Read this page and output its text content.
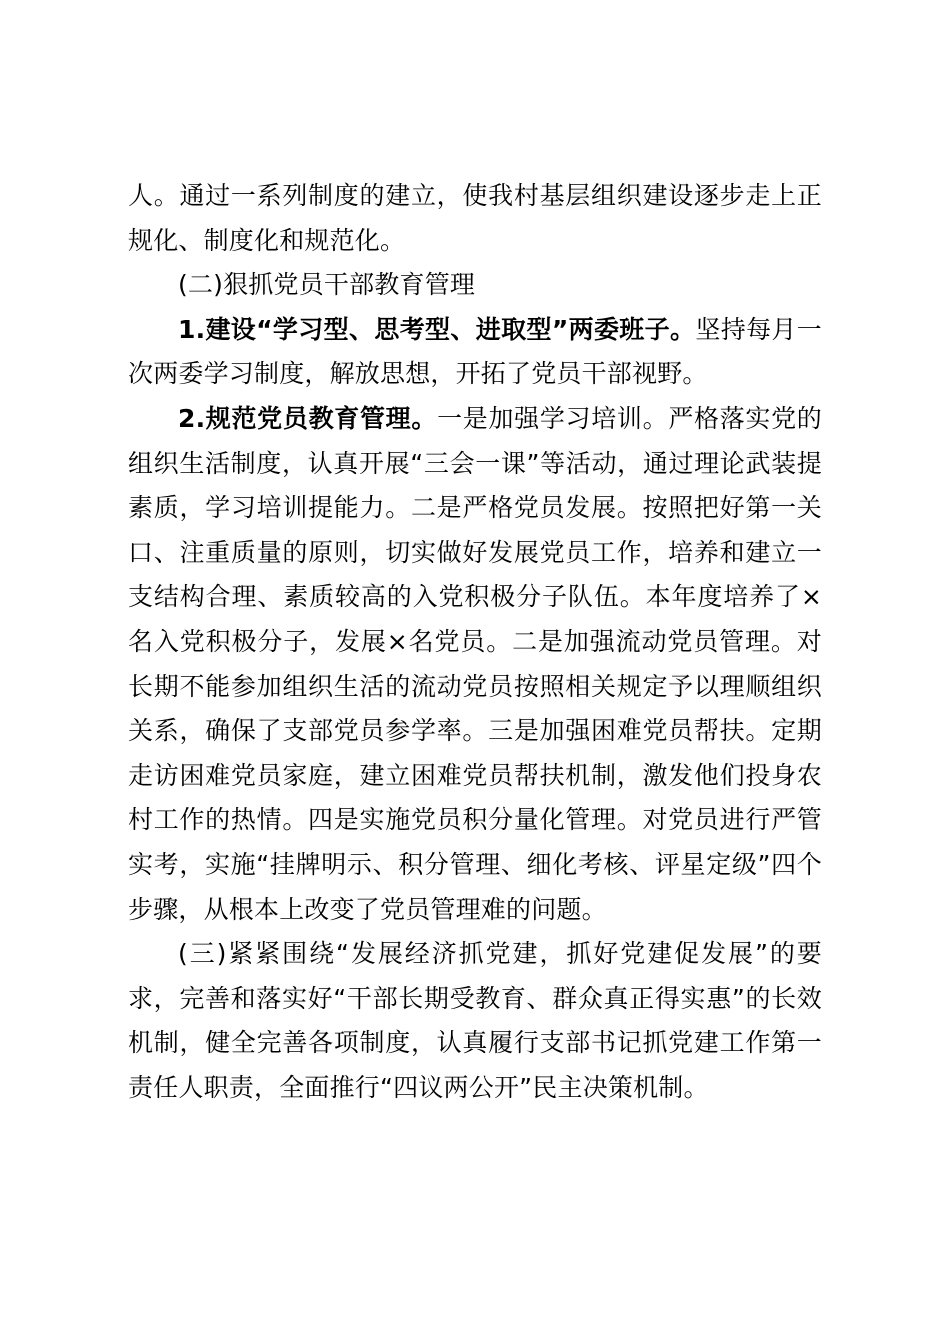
人。通过一系列制度的建立，使我村基层组织建设逐步走上正规化、制度化和规范化。

(二)狠抓党员干部教育管理

1.建设“学习型、思考型、进取型”两委班子。坚持每月一次两委学习制度，解放思想，开拓了党员干部视野。

2.规范党员教育管理。一是加强学习培训。严格落实党的组织生活制度，认真开展“三会一课”等活动，通过理论武装提素质，学习培训提能力。二是严格党员发展。按照把好第一关口、注重质量的原则，切实做好发展党员工作，培养和建立一支结构合理、素质较高的入党积极分子队伍。本年度培养了×名入党积极分子，发展×名党员。二是加强流动党员管理。对长期不能参加组织生活的流动党员按照相关规定予以理顺组织关系，确保了支部党员参学率。三是加强困难党员帮扶。定期走访困难党员家庭，建立困难党员帮扶机制，激发他们投身农村工作的热情。四是实施党员积分量化管理。对党员进行严管实考，实施“挂牌明示、积分管理、细化考核、评星定级”四个步骤，从根本上改变了党员管理难的问题。

(三)紧紧围绕“发展经济抓党建，抓好党建促发展”的要求，完善和落实好“干部长期受教育、群众真正得实惠”的长效机制，健全完善各项制度，认真履行支部书记抓党建工作第一责任人职责，全面推行“四议两公开”民主决策机制。
